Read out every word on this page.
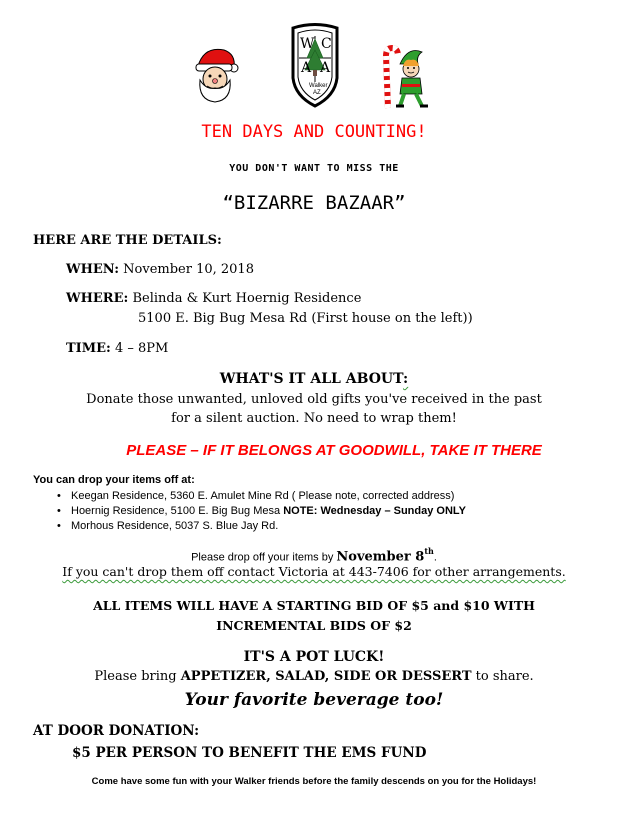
W C
A A
Walker
AZ
TEN DAYS AND COUNTING!
YOU DON'T WANT TO MISS THE
“BIZARRE BAZAAR”
HERE ARE THE DETAILS:
WHEN: November 10, 2018
WHERE: Belinda & Kurt Hoernig Residence
5100 E. Big Bug Mesa Rd (First house on the left))
TIME: 4 – 8PM
WHAT'S IT ALL ABOUT:
Donate those unwanted, unloved old gifts you've received in the past
for a silent auction. No need to wrap them!
PLEASE – IF IT BELONGS AT GOODWILL, TAKE IT THERE
You can drop your items off at:
• Keegan Residence, 5360 E. Amulet Mine Rd ( Please note, corrected address)
• Hoernig Residence, 5100 E. Big Bug Mesa NOTE: Wednesday – Sunday ONLY
• Morhous Residence, 5037 S. Blue Jay Rd.
Please drop off your items by November 8th.
If you can't drop them off contact Victoria at 443-7406 for other arrangements.
ALL ITEMS WILL HAVE A STARTING BID OF $5 and $10 WITH
INCREMENTAL BIDS OF $2
IT'S A POT LUCK!
Please bring APPETIZER, SALAD, SIDE OR DESSERT to share.
Your favorite beverage too!
AT DOOR DONATION:
$5 PER PERSON TO BENEFIT THE EMS FUND
Come have some fun with your Walker friends before the family descends on you for the Holidays!
